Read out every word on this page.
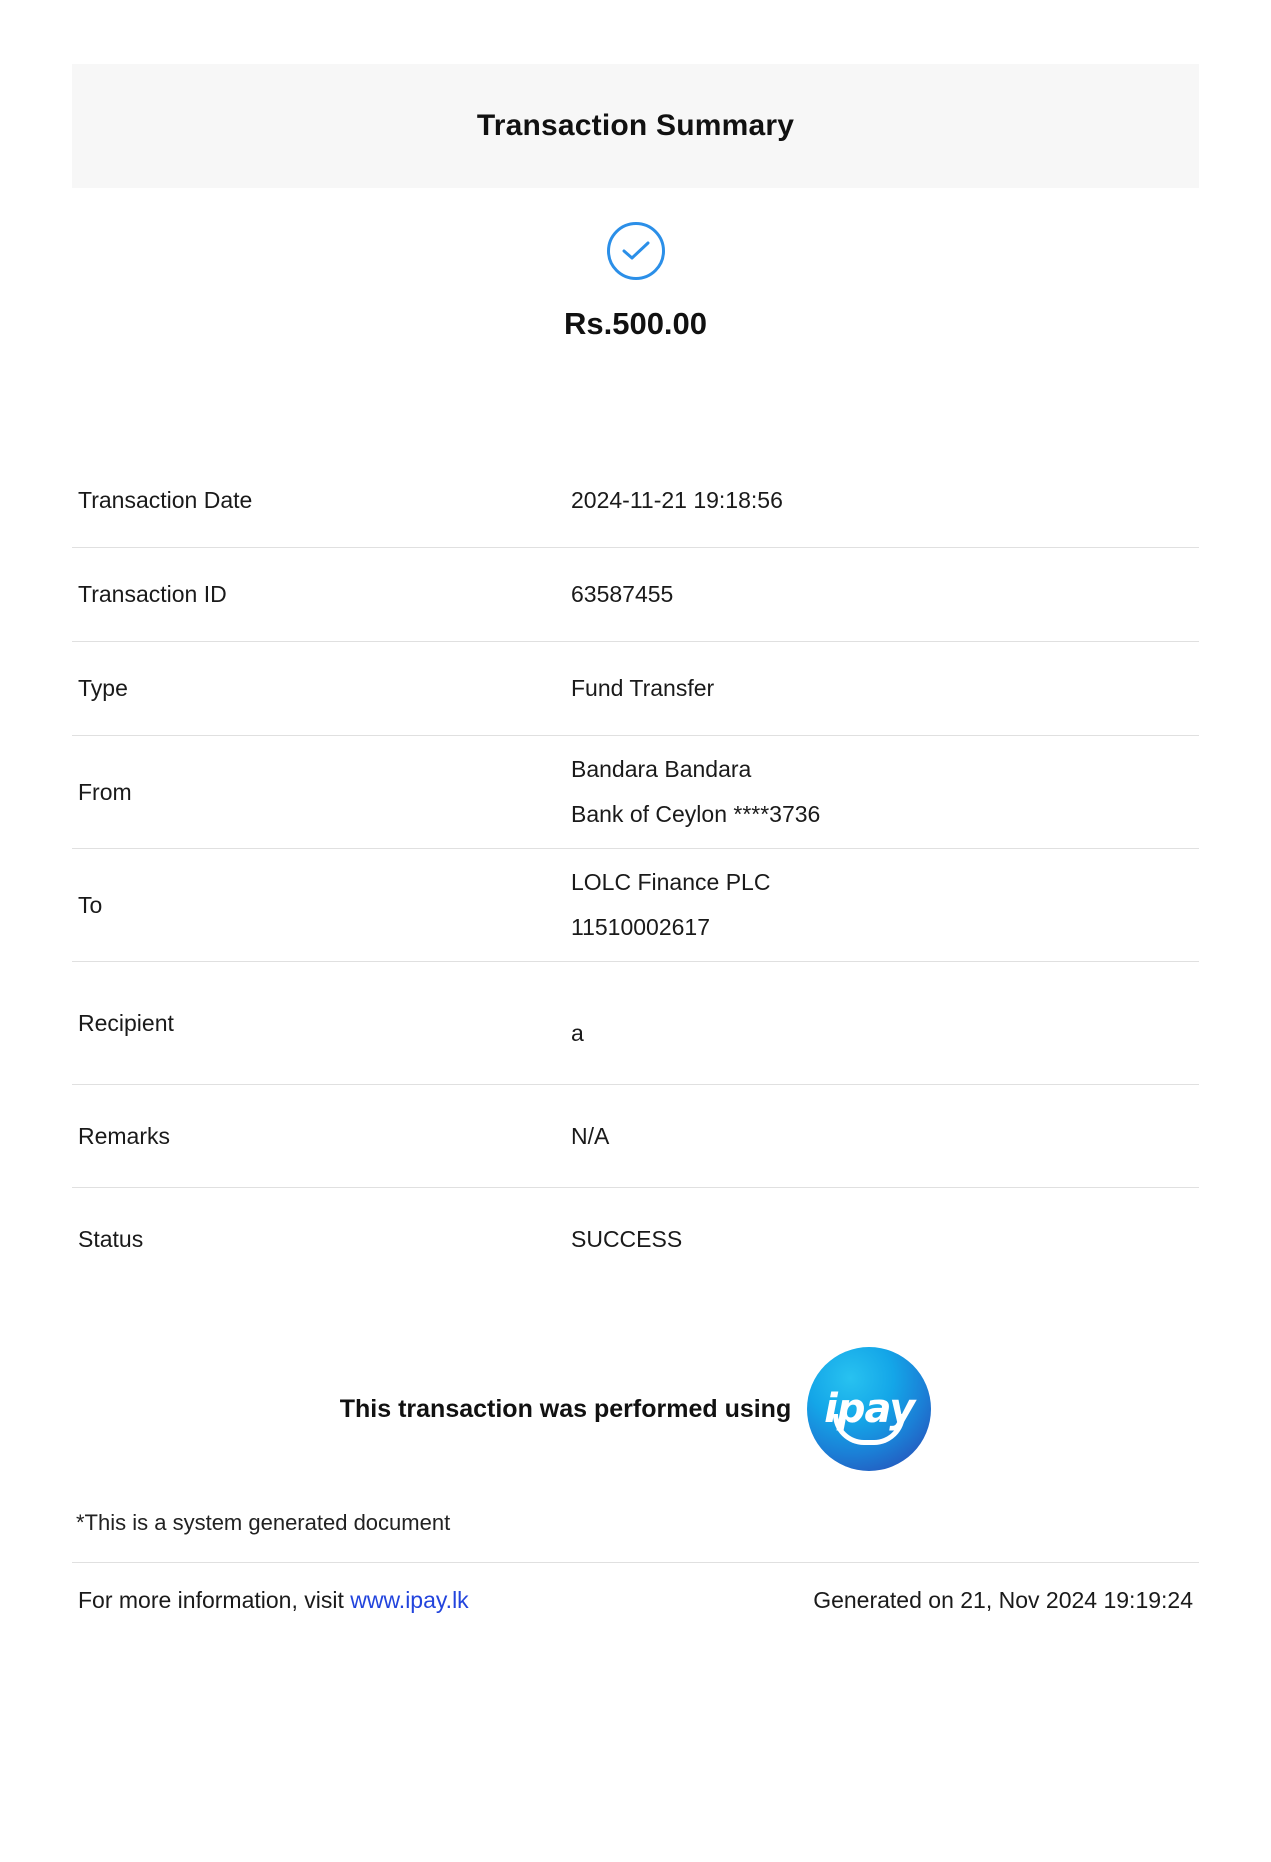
Transaction Summary
Rs.500.00
Transaction Date	2024-11-21 19:18:56

Transaction ID	63587455

Type	Fund Transfer

From	Bandara Bandara
Bank of Ceylon ****3736

To	LOLC Finance PLC
11510002617

Recipient	a

Remarks	N/A

Status	SUCCESS
This transaction was performed using ipay
*This is a system generated document
For more information, visit www.ipay.lk	Generated on 21, Nov 2024 19:19:24
